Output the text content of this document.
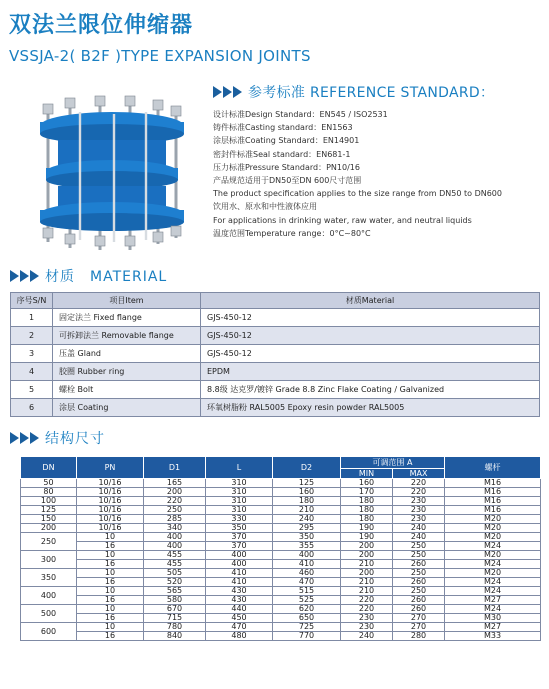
双法兰限位伸缩器
VSSJA-2( B2F )TYPE EXPANSION JOINTS
参考标准 REFERENCE STANDARD：
设计标准Design Standard：EN545 / ISO2531
铸件标准Casting standard：EN1563
涂层标准Coating Standard：EN14901
密封件标准Seal standard：EN681-1
压力标准Pressure Standard：PN10/16
产品规范适用于DN50至DN 600尺寸范围
The product specification applies to the size range from DN50 to DN600
饮用水、原水和中性液体应用
For applications in drinking water, raw water, and neutral liquids
温度范围Temperature range：0°C~80°C
材质　MATERIAL
序号S/N	项目Item	材质Material
1	固定法兰 Fixed flange	GJS-450-12
2	可拆卸法兰 Removable flange	GJS-450-12
3	压盖 Gland	GJS-450-12
4	胶圈 Rubber ring	EPDM
5	螺栓 Bolt	8.8级 达克罗/镀锌 Grade 8.8 Zinc Flake Coating / Galvanized
6	涂层 Coating	环氧树脂粉 RAL5005 Epoxy resin powder RAL5005
结构尺寸
DN	PN	D1	L	D2	可调范围 A		螺杆
					MIN	MAX	
50	10/16	165	310	125	160	220	M16
80	10/16	200	310	160	170	220	M16
100	10/16	220	310	180	180	230	M16
125	10/16	250	310	210	180	230	M16
150	10/16	285	330	240	180	230	M20
200	10/16	340	350	295	190	240	M20
250	10	400	370	350	190	240	M20
	16	400	370	355	200	250	M24
300	10	455	400	400	200	250	M20
	16	455	400	410	210	260	M24
350	10	505	410	460	200	250	M20
	16	520	410	470	210	260	M24
400	10	565	430	515	210	250	M24
	16	580	430	525	220	260	M27
500	10	670	440	620	220	260	M24
	16	715	450	650	230	270	M30
600	10	780	470	725	230	270	M27
	16	840	480	770	240	280	M33
